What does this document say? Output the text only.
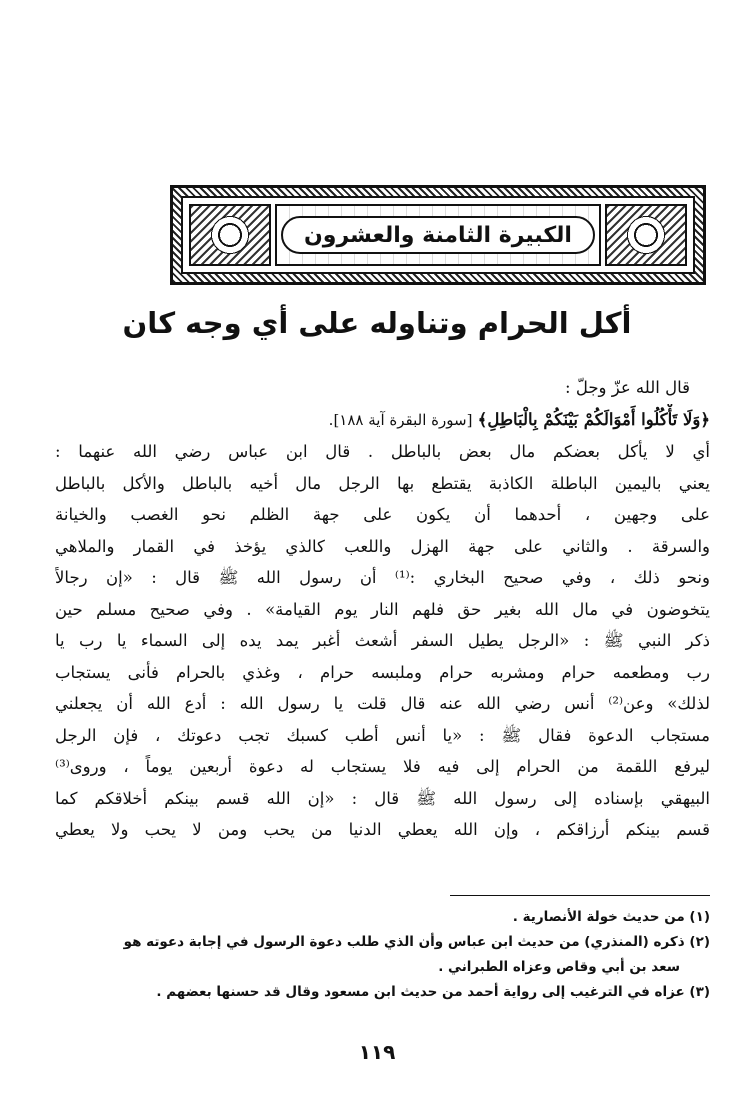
الكبيرة الثامنة والعشرون
أكل الحرام وتناوله على أي وجه كان
قال الله عزّ وجلّ :
﴿وَلَا تَأْكُلُوا أَمْوَالَكُمْ بَيْنَكُمْ بِالْبَاطِلِ﴾ [سورة البقرة آية ١٨٨].
أي لا يأكل بعضكم مال بعض بالباطل . قال ابن عباس رضي الله عنهما :
يعني باليمين الباطلة الكاذبة يقتطع بها الرجل مال أخيه بالباطل والأكل بالباطل
على وجهين ، أحدهما أن يكون على جهة الظلم نحو الغصب والخيانة
والسرقة . والثاني على جهة الهزل واللعب كالذي يؤخذ في القمار والملاهي
ونحو ذلك ، وفي صحيح البخاري :⁽¹⁾ أن رسول الله ﷺ قال : «إن رجالاً
يتخوضون في مال الله بغير حق فلهم النار يوم القيامة» . وفي صحيح مسلم حين
ذكر النبي ﷺ : «الرجل يطيل السفر أشعث أغبر يمد يده إلى السماء يا رب يا
رب ومطعمه حرام ومشربه حرام وملبسه حرام ، وغذي بالحرام فأنى يستجاب
لذلك» وعن⁽²⁾ أنس رضي الله عنه قال قلت يا رسول الله : أدع الله أن يجعلني
مستجاب الدعوة فقال ﷺ : «يا أنس أطب كسبك تجب دعوتك ، فإن الرجل
ليرفع اللقمة من الحرام إلى فيه فلا يستجاب له دعوة أربعين يوماً ، وروى⁽³⁾
البيهقي بإسناده إلى رسول الله ﷺ قال : «إن الله قسم بينكم أخلاقكم كما
قسم بينكم أرزاقكم ، وإن الله يعطي الدنيا من يحب ومن لا يحب ولا يعطي
(١) من حديث خولة الأنصارية .
(٢) ذكره (المنذري) من حديث ابن عباس وأن الذي طلب دعوة الرسول في إجابة دعوته هو
سعد بن أبي وقاص وعزاه الطبراني .
(٣) عزاه في الترغيب إلى رواية أحمد من حديث ابن مسعود وقال قد حسنها بعضهم .
١١٩
